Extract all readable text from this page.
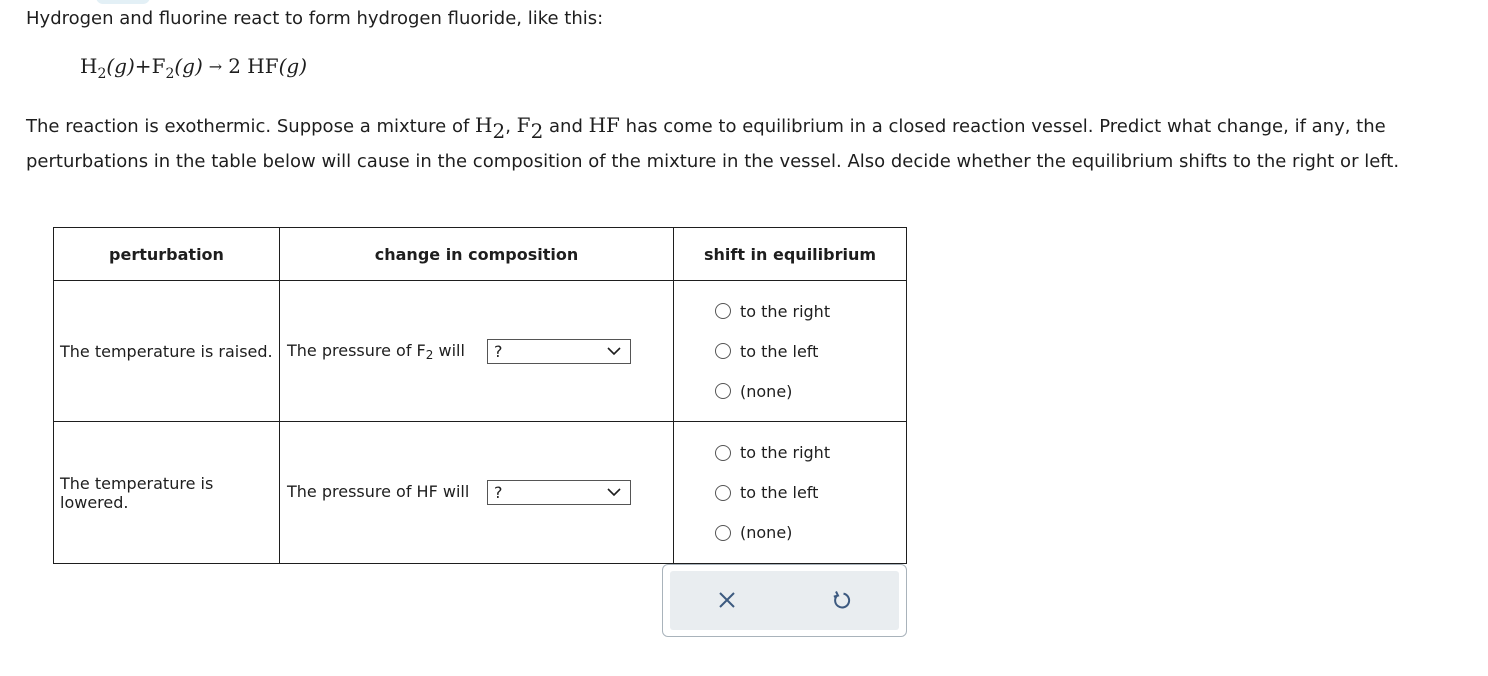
Hydrogen and fluorine react to form hydrogen fluoride, like this:
$H_2(g)+F_2(g) \to 2$ HF(g)
The reaction is exothermic. Suppose a mixture of $H_2$, $F_2$ and HF has come to equilibrium in a closed reaction vessel. Predict what change, if any, the perturbations in the table below will cause in the composition of the mixture in the vessel. Also decide whether the equilibrium shifts to the right or left.
perturbation	change in composition	shift in equilibrium
The temperature is raised.	The pressure of $F_2$ will ?	to the right
to the left
(none)

The temperature is lowered.	The pressure of HF will ?	to the right
to the left
(none)
